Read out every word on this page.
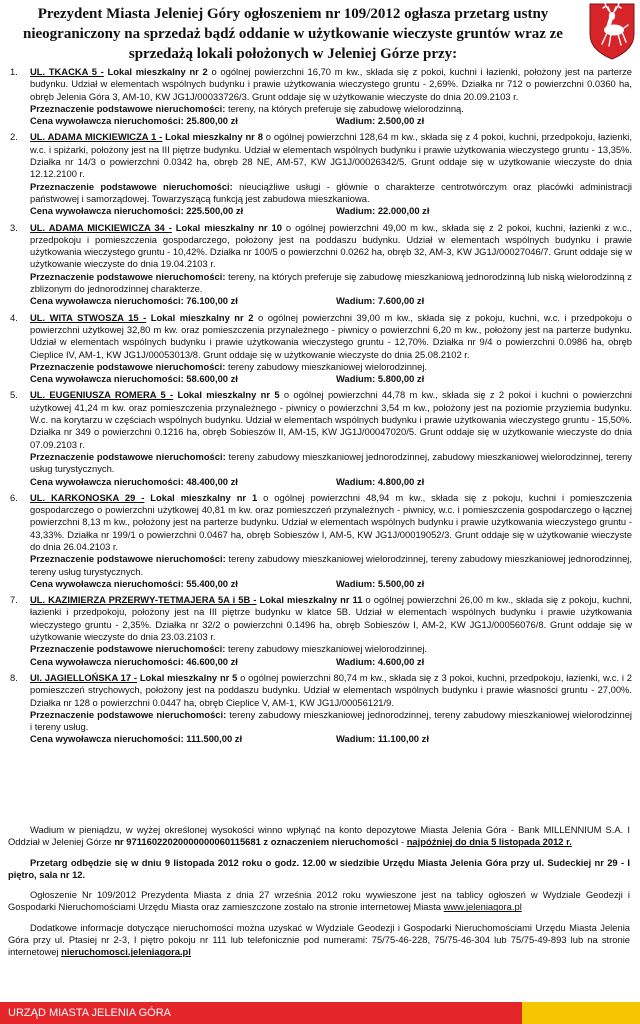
Prezydent Miasta Jeleniej Góry ogłoszeniem nr 109/2012 ogłasza przetarg ustny nieograniczony na sprzedaż bądź oddanie w użytkowanie wieczyste gruntów wraz ze sprzedażą lokali położonych w Jeleniej Górze przy:
1. UL. TKACKA 5 - Lokal mieszkalny nr 2 o ogólnej powierzchni 16,70 m kw., składa się z pokoi, kuchni i łazienki, położony jest na parterze budynku. Udział w elementach wspólnych budynku i prawie użytkowania wieczystego gruntu - 2,69%. Działka nr 712 o powierzchni 0.0360 ha, obręb Jelenia Góra 3, AM-10, KW JG1J/00033726/3. Grunt oddaje się w użytkowanie wieczyste do dnia 20.09.2103 r.
Przeznaczenie podstawowe nieruchomości: tereny, na których preferuje się zabudowę wielorodzinną.
Cena wywoławcza nieruchomości: 25.800,00 zł	Wadium: 2.500,00 zł
2. UL. ADAMA MICKIEWICZA 1 - Lokal mieszkalny nr 8 o ogólnej powierzchni 128,64 m kw., składa się z 4 pokoi, kuchni, przedpokoju, łazienki, w.c. i spiżarki, położony jest na III piętrze budynku. Udział w elementach wspólnych budynku i prawie użytkowania wieczystego gruntu - 13,35%. Działka nr 14/3 o powierzchni 0.0342 ha, obręb 28 NE, AM-57, KW JG1J/00026342/5. Grunt oddaje się w użytkowanie wieczyste do dnia 12.12.2100 r.
Przeznaczenie podstawowe nieruchomości: nieuciążliwe usługi - głównie o charakterze centrotwórczym oraz placówki administracji państwowej i samorządowej. Towarzyszącą funkcją jest zabudowa mieszkaniowa.
Cena wywoławcza nieruchomości: 225.500,00 zł	Wadium: 22.000,00 zł
3. UL. ADAMA MICKIEWICZA 34 - Lokal mieszkalny nr 10 o ogólnej powierzchni 49,00 m kw., składa się z 2 pokoi, kuchni, łazienki z w.c., przedpokoju i pomieszczenia gospodarczego, położony jest na poddaszu budynku. Udział w elementach wspólnych budynku i prawie użytkowania wieczystego gruntu - 10,42%. Działka nr 100/5 o powierzchni 0.0262 ha, obręb 32, AM-3, KW JG1J/00027046/7. Grunt oddaje się w użytkowanie wieczyste do dnia 19.04.2103 r.
Przeznaczenie podstawowe nieruchomości: tereny, na których preferuje się zabudowę mieszkaniową jednorodzinną lub niską wielorodzinną z zblizonym do jednorodzinnej charakterze.
Cena wywoławcza nieruchomości: 76.100,00 zł	Wadium: 7.600,00 zł
4. UL. WITA STWOSZA 15 - Lokal mieszkalny nr 2 o ogólnej powierzchni 39,00 m kw., składa się z pokoju, kuchni, w.c. i przedpokoju o powierzchni użytkowej 32,80 m kw. oraz pomieszczenia przynależnego - piwnicy o powierzchni 6,20 m kw., położony jest na parterze budynku. Udział w elementach wspólnych budynku i prawie użytkowania wieczystego gruntu - 12,70%. Działka nr 9/4 o powierzchni 0.0986 ha, obręb Cieplice IV, AM-1, KW JG1J/00053013/8. Grunt oddaje się w użytkowanie wieczyste do dnia 25.08.2102 r.
Przeznaczenie podstawowe nieruchomości: tereny zabudowy mieszkaniowej wielorodzinnej.
Cena wywoławcza nieruchomości: 58.600,00 zł	Wadium: 5.800,00 zł
5. UL. EUGENIUSZA ROMERA 5 - Lokal mieszkalny nr 5 o ogólnej powierzchni 44,78 m kw., składa się z 2 pokoi i kuchni o powierzchni użytkowej 41,24 m kw. oraz pomieszczenia przynależnego - piwnicy o powierzchni 3,54 m kw., położony jest na poziomie przyziemia budynku. W.c. na korytarzu w częściach wspólnych budynku. Udział w elementach wspólnych budynku i prawie użytkowania wieczystego gruntu - 15,50%. Działka nr 349 o powierzchni 0.1216 ha, obręb Sobieszów II, AM-15, KW JG1J/00047020/5. Grunt oddaje się w użytkowanie wieczyste do dnia 07.09.2103 r.
Przeznaczenie podstawowe nieruchomości: tereny zabudowy mieszkaniowej jednorodzinnej, zabudowy mieszkaniowej wielorodzinnej, tereny usług turystycznych.
Cena wywoławcza nieruchomości: 48.400,00 zł	Wadium: 4.800,00 zł
6. UL. KARKONOSKA 29 - Lokal mieszkalny nr 1 o ogólnej powierzchni 48,94 m kw., składa się z pokoju, kuchni i pomieszczenia gospodarczego o powierzchni użytkowej 40,81 m kw. oraz pomieszczeń przynależnych - piwnicy, w.c. i pomieszczenia gospodarczego o łącznej powierzchni 8,13 m kw., położony jest na parterze budynku. Udział w elementach wspólnych budynku i prawie użytkowania wieczystego gruntu - 43,33%. Działka nr 199/1 o powierzchni 0.0467 ha, obręb Sobieszów I, AM-5, KW JG1J/00019052/3. Grunt oddaje się w użytkowanie wieczyste do dnia 26.04.2103 r.
Przeznaczenie podstawowe nieruchomości: tereny zabudowy mieszkaniowej wielorodzinnej, tereny zabudowy mieszkaniowej jednorodzinnej, tereny usług turystycznych.
Cena wywoławcza nieruchomości: 55.400,00 zł	Wadium: 5.500,00 zł
7. UL. KAZIMIERZA PRZERWY-TETMAJERA 5A i 5B - Lokal mieszkalny nr 11 o ogólnej powierzchni 26,00 m kw., składa się z pokoju, kuchni, łazienki i przedpokoju, położony jest na III piętrze budynku w klatce 5B. Udział w elementach wspólnych budynku i prawie użytkowania wieczystego gruntu - 2,35%. Działka nr 32/2 o powierzchni 0.1496 ha, obręb Sobieszów I, AM-2, KW JG1J/00056076/8. Grunt oddaje się w użytkowanie wieczyste do dnia 23.03.2103 r.
Przeznaczenie podstawowe nieruchomości: tereny zabudowy mieszkaniowej wielorodzinnej.
Cena wywoławcza nieruchomości: 46.600,00 zł	Wadium: 4.600,00 zł
8. Ul. JAGIELLOŃSKA 17 - Lokal mieszkalny nr 5 o ogólnej powierzchni 80,74 m kw., składa się z 3 pokoi, kuchni, przedpokoju, łazienki, w.c. i 2 pomieszczeń strychowych, położony jest na poddaszu budynku. Udział w elementach wspólnych budynku i prawie własności gruntu - 27,00%. Działka nr 128 o powierzchni 0.0447 ha, obręb Cieplice V, AM-1, KW JG1J/00056121/9.
Przeznaczenie podstawowe nieruchomości: tereny zabudowy mieszkaniowej jednorodzinnej, tereny zabudowy mieszkaniowej wielorodzinnej i tereny usług.
Cena wywoławcza nieruchomości: 111.500,00 zł	Wadium: 11.100,00 zł

Wadium w pieniądzu, w wyżej określonej wysokości winno wpłynąć na konto depozytowe Miasta Jelenia Góra - Bank MILLENNIUM S.A. I Oddział w Jeleniej Górze nr 97116022020000000060115681 z oznaczeniem nieruchomości - najpóźniej do dnia 5 listopada 2012 r.

Przetarg odbędzie się w dniu 9 listopada 2012 roku o godz. 12.00 w siedzibie Urzędu Miasta Jelenia Góra przy ul. Sudeckiej nr 29 - I piętro, sala nr 12.

Ogłoszenie Nr 109/2012 Prezydenta Miasta z dnia 27 września 2012 roku wywieszone jest na tablicy ogłoszeń w Wydziale Geodezji i Gospodarki Nieruchomościami Urzędu Miasta oraz zamieszczone zostało na stronie internetowej Miasta www.jeleniagora.pl

Dodatkowe informacje dotyczące nieruchomości można uzyskać w Wydziale Geodezji i Gospodarki Nieruchomościami Urzędu Miasta Jelenia Góra przy ul. Ptasiej nr 2-3, I piętro pokoju nr 111 lub telefonicznie pod numerami: 75/75-46-228, 75/75-46-304 lub 75/75-49-893 lub na stronie internetowej nieruchomosci.jeleniagora.pl

URZĄD MIASTA JELENIA GÓRA
